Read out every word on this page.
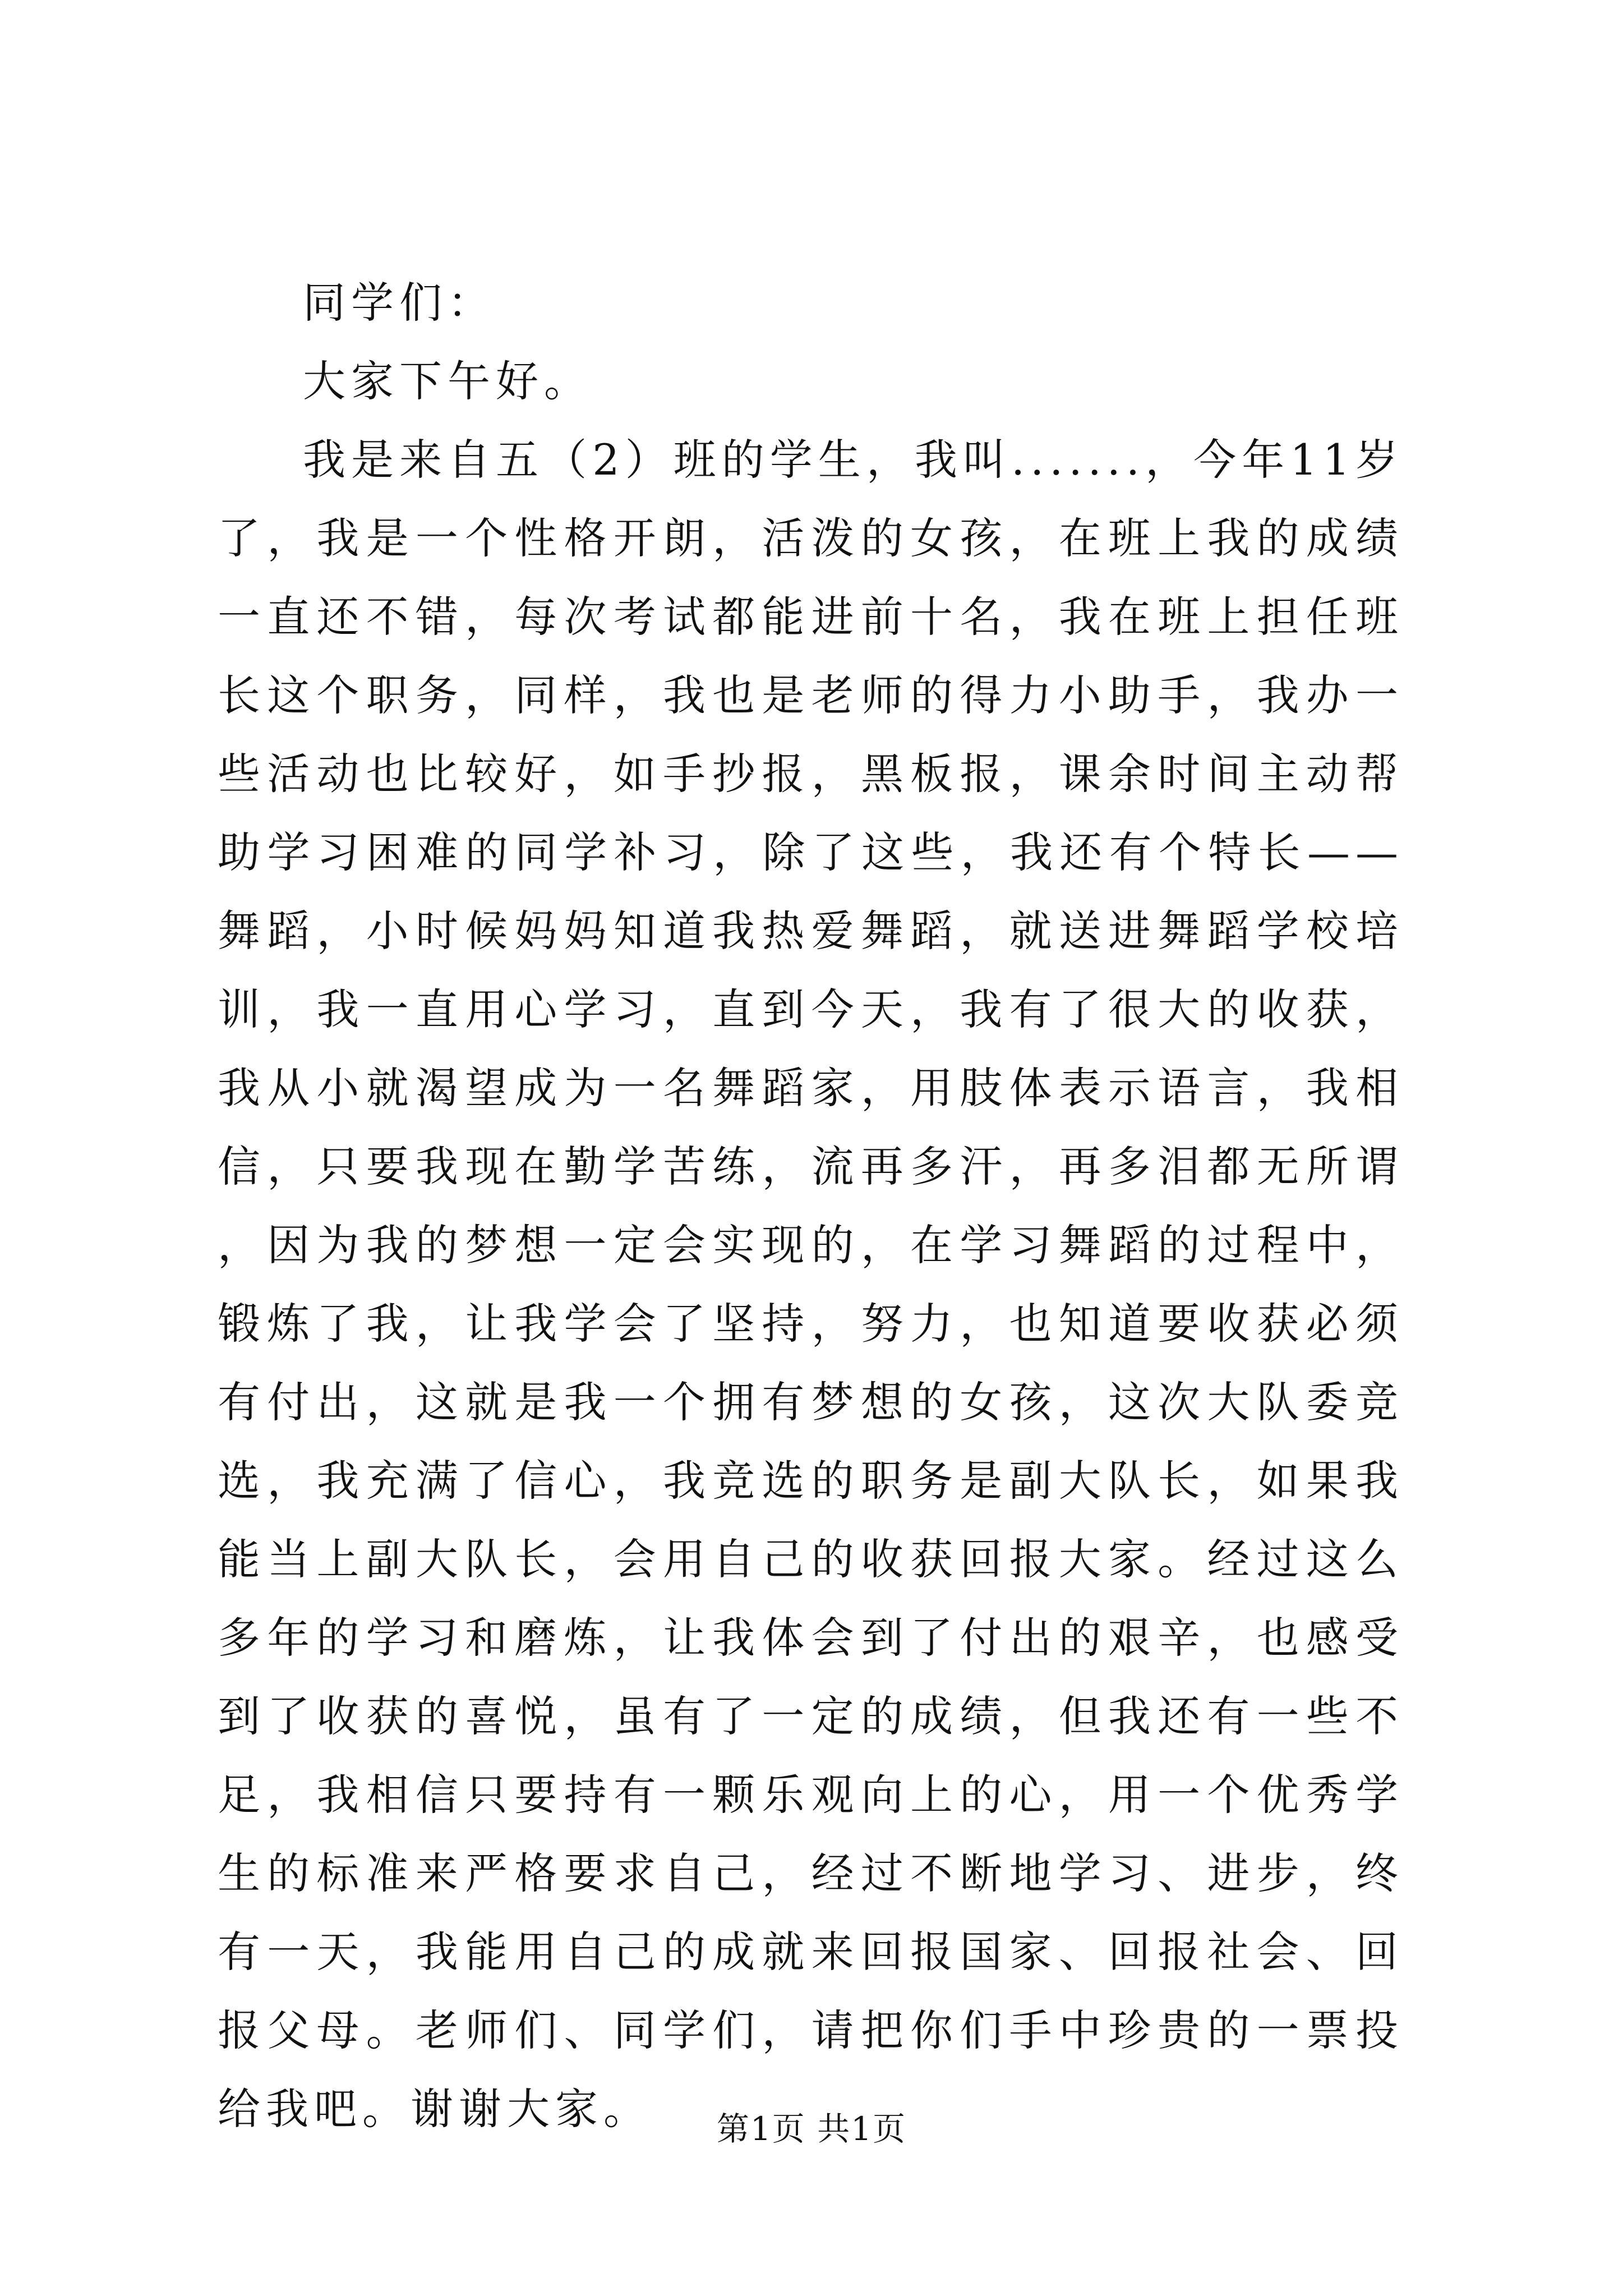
同学们：

大家下午好。

我是来自五（2）班的学生，我叫.......，今年11岁了，我是一个性格开朗，活泼的女孩，在班上我的成绩一直还不错，每次考试都能进前十名，我在班上担任班长这个职务，同样，我也是老师的得力小助手，我办一些活动也比较好，如手抄报，黑板报，课余时间主动帮助学习困难的同学补习，除了这些，我还有个特长——舞蹈，小时候妈妈知道我热爱舞蹈，就送进舞蹈学校培训，我一直用心学习，直到今天，我有了很大的收获，我从小就渴望成为一名舞蹈家，用肢体表示语言，我相信，只要我现在勤学苦练，流再多汗，再多泪都无所谓，因为我的梦想一定会实现的，在学习舞蹈的过程中，锻炼了我，让我学会了坚持，努力，也知道要收获必须有付出，这就是我一个拥有梦想的女孩，这次大队委竞选，我充满了信心，我竞选的职务是副大队长，如果我能当上副大队长，会用自己的收获回报大家。经过这么多年的学习和磨炼，让我体会到了付出的艰辛，也感受到了收获的喜悦，虽有了一定的成绩，但我还有一些不足，我相信只要持有一颗乐观向上的心，用一个优秀学生的标准来严格要求自己，经过不断地学习、进步，终有一天，我能用自己的成就来回报国家、回报社会、回报父母。老师们、同学们，请把你们手中珍贵的一票投给我吧。谢谢大家。	第1页 共1页
